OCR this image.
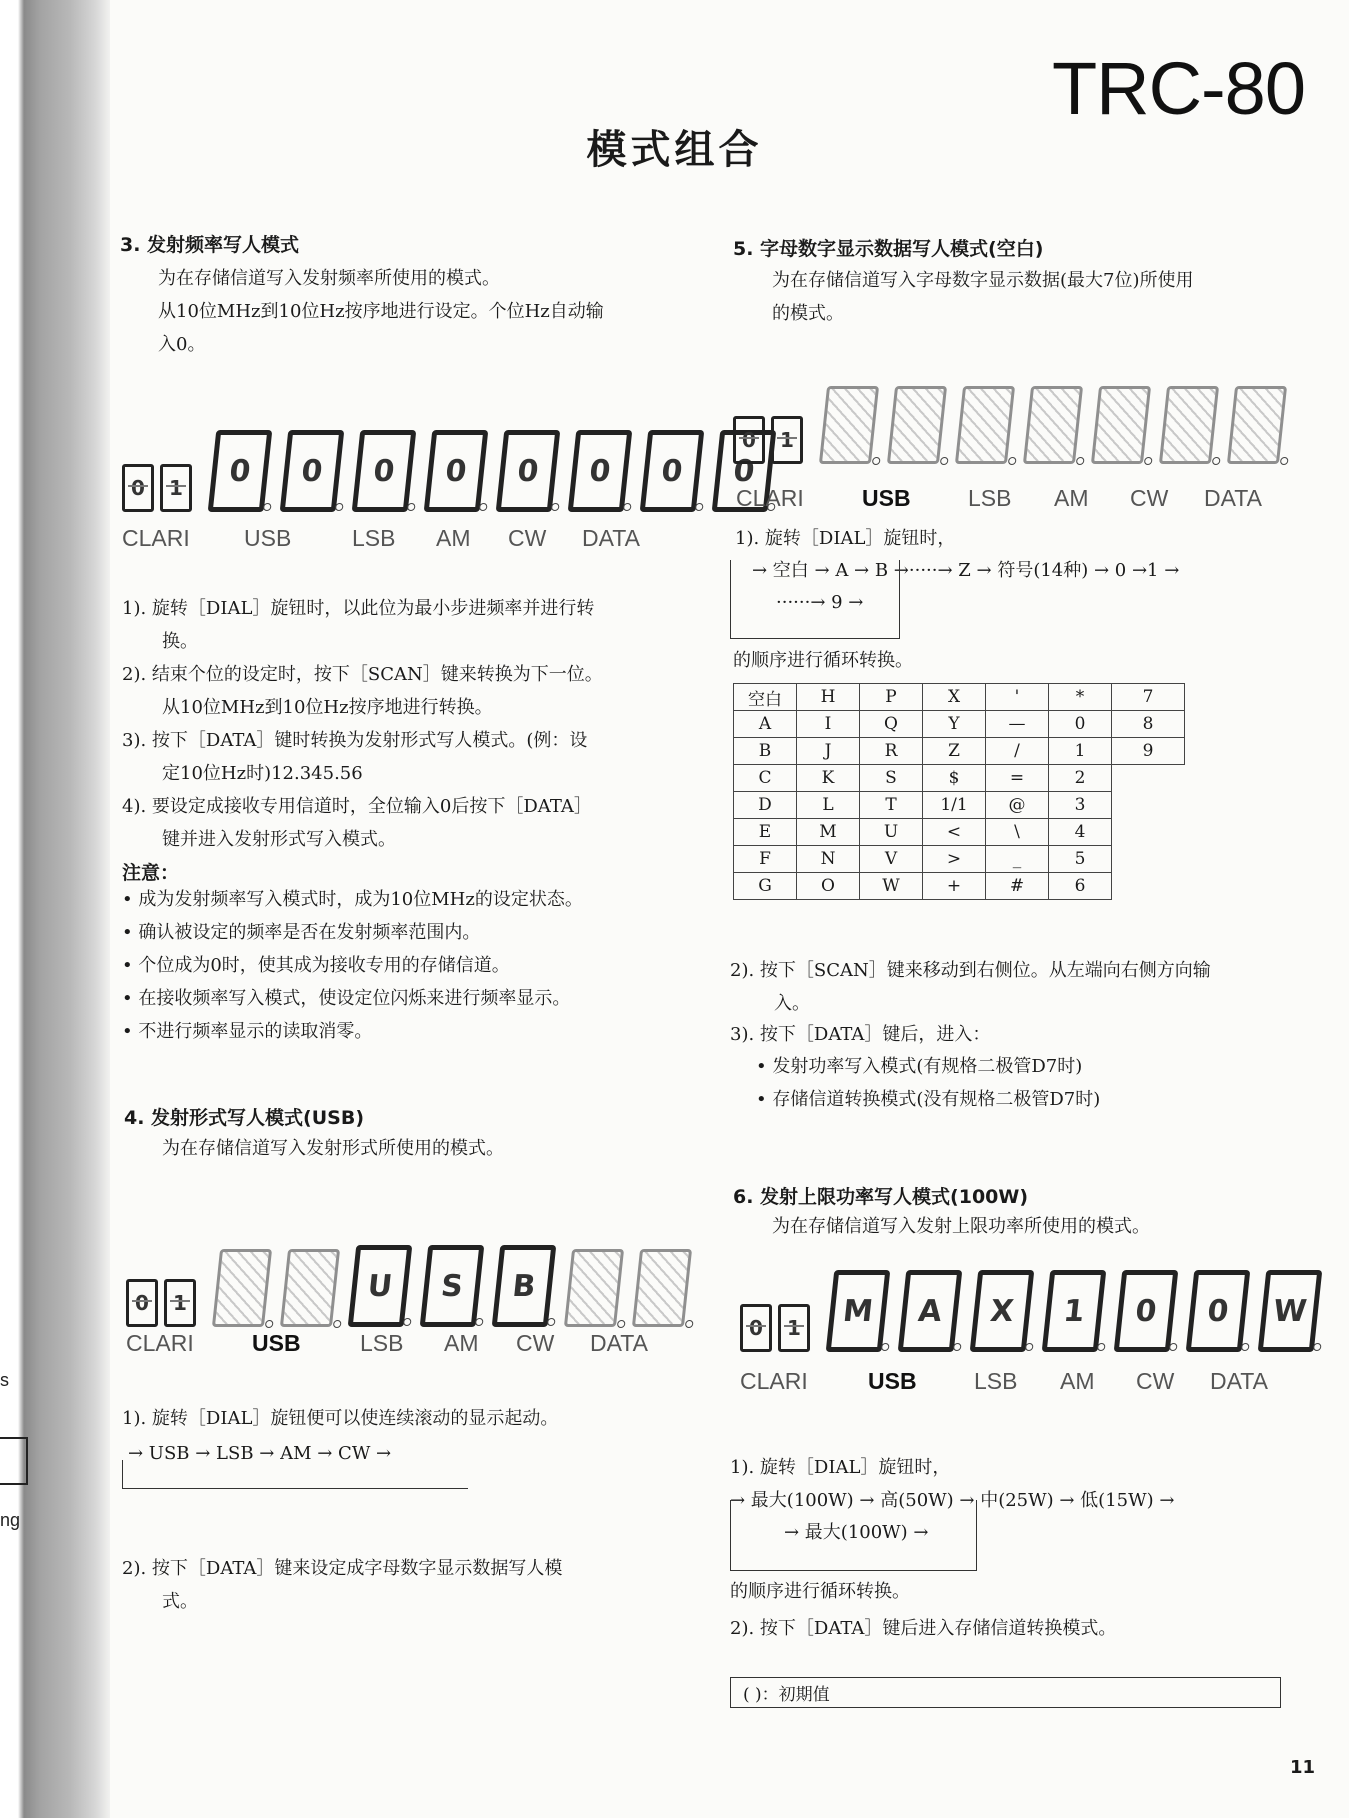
s
ng
TRC-80
模式组合
3. 发射频率写人模式
为在存储信道写入发射频率所使用的模式。
从10位MHz到10位Hz按序地进行设定。个位Hz自动输
入0。
0	1	0	0	0	0	0	0	0	0
CLARI	USB	LSB	AM	CW	DATA
1). 旋转［DIAL］旋钮时，以此位为最小步进频率并进行转
换。
2). 结束个位的设定时，按下［SCAN］键来转换为下一位。
从10位MHz到10位Hz按序地进行转换。
3). 按下［DATA］键时转换为发射形式写人模式。(例：设
定10位Hz时)12.345.56
4). 要设定成接收专用信道时，全位输入0后按下［DATA］
键并进入发射形式写入模式。
注意：
• 成为发射频率写入模式时，成为10位MHz的设定状态。
• 确认被设定的频率是否在发射频率范围内。
• 个位成为0时，使其成为接收专用的存储信道。
• 在接收频率写入模式，使设定位闪烁来进行频率显示。
• 不进行频率显示的读取消零。
4. 发射形式写人模式(USB)
为在存储信道写入发射形式所使用的模式。
0	1	U	S	B
CLARI	USB	LSB	AM	CW	DATA
1). 旋转［DIAL］旋钮便可以使连续滚动的显示起动。
→ USB → LSB → AM → CW →
2). 按下［DATA］键来设定成字母数字显示数据写人模
式。
5. 字母数字显示数据写人模式(空白)
为在存储信道写入字母数字显示数据(最大7位)所使用
的模式。
0	1
CLARI	USB	LSB	AM	CW	DATA
1). 旋转［DIAL］旋钮时，
→ 空白 → A → B →·····→ Z → 符号(14种) → 0 →1 →
······→ 9 →
的顺序进行循环转换。
空白	H	P	X	'	*	7
A	I	Q	Y	—	0	8
B	J	R	Z	/	1	9
C	K	S	$	=	2	
D	L	T	1/1	@	3	
E	M	U	<	\	4	
F	N	V	>	_	5	
G	O	W	+	#	6	
2). 按下［SCAN］键来移动到右侧位。从左端向右侧方向输
入。
3). 按下［DATA］键后，进入：
• 发射功率写入模式(有规格二极管D7时)
• 存储信道转换模式(没有规格二极管D7时)
6. 发射上限功率写人模式(100W)
为在存储信道写入发射上限功率所使用的模式。
0	1	M	A	X	1	0	0	W
CLARI	USB	LSB	AM	CW	DATA
1). 旋转［DIAL］旋钮时，
→ 最大(100W) → 高(50W) → 中(25W) → 低(15W) →
→ 最大(100W) →
的顺序进行循环转换。
2). 按下［DATA］键后进入存储信道转换模式。
( )：初期值
11
